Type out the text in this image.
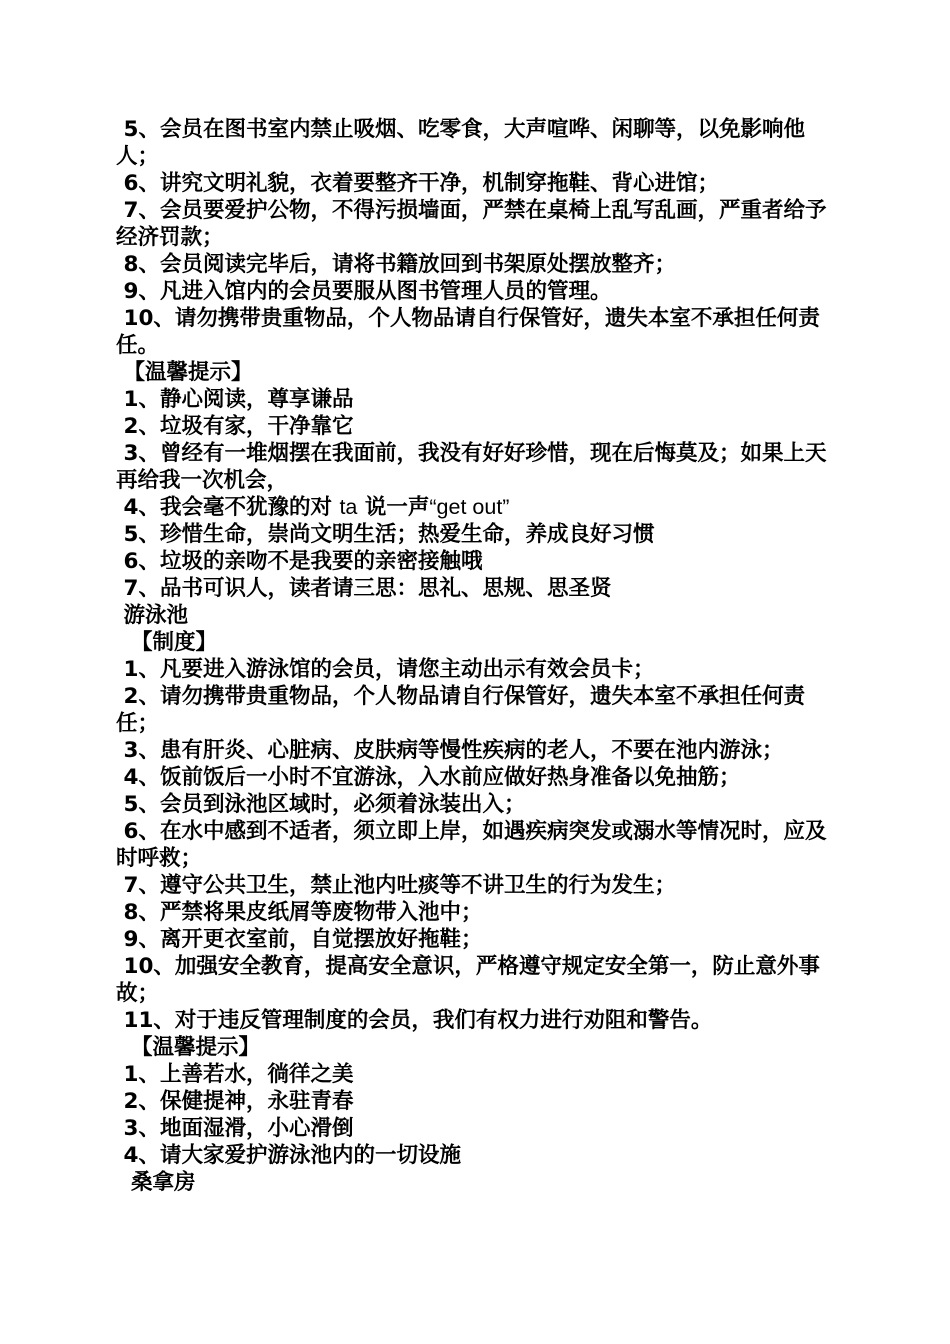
5、会员在图书室内禁止吸烟、吃零食，大声喧哗、闲聊等，以免影响他人；
6、讲究文明礼貌，衣着要整齐干净，机制穿拖鞋、背心进馆；
7、会员要爱护公物，不得污损墙面，严禁在桌椅上乱写乱画，严重者给予经济罚款；
8、会员阅读完毕后，请将书籍放回到书架原处摆放整齐；
9、凡进入馆内的会员要服从图书管理人员的管理。
10、请勿携带贵重物品，个人物品请自行保管好，遗失本室不承担任何责任。
【温馨提示】
1、静心阅读，尊享谦品
2、垃圾有家，干净靠它
3、曾经有一堆烟摆在我面前，我没有好好珍惜，现在后悔莫及；如果上天再给我一次机会，
4、我会毫不犹豫的对 ta 说一声“get out”
5、珍惜生命，崇尚文明生活；热爱生命，养成良好习惯
6、垃圾的亲吻不是我要的亲密接触哦
7、品书可识人，读者请三思：思礼、思规、思圣贤
游泳池
【制度】
1、凡要进入游泳馆的会员，请您主动出示有效会员卡；
2、请勿携带贵重物品，个人物品请自行保管好，遗失本室不承担任何责任；
3、患有肝炎、心脏病、皮肤病等慢性疾病的老人，不要在池内游泳；
4、饭前饭后一小时不宜游泳，入水前应做好热身准备以免抽筋；
5、会员到泳池区域时，必须着泳装出入；
6、在水中感到不适者，须立即上岸，如遇疾病突发或溺水等情况时，应及时呼救；
7、遵守公共卫生，禁止池内吐痰等不讲卫生的行为发生；
8、严禁将果皮纸屑等废物带入池中；
9、离开更衣室前，自觉摆放好拖鞋；
10、加强安全教育，提高安全意识，严格遵守规定安全第一，防止意外事故；
11、对于违反管理制度的会员，我们有权力进行劝阻和警告。
【温馨提示】
1、上善若水，徜徉之美
2、保健提神，永驻青春
3、地面湿滑，小心滑倒
4、请大家爱护游泳池内的一切设施
桑拿房
